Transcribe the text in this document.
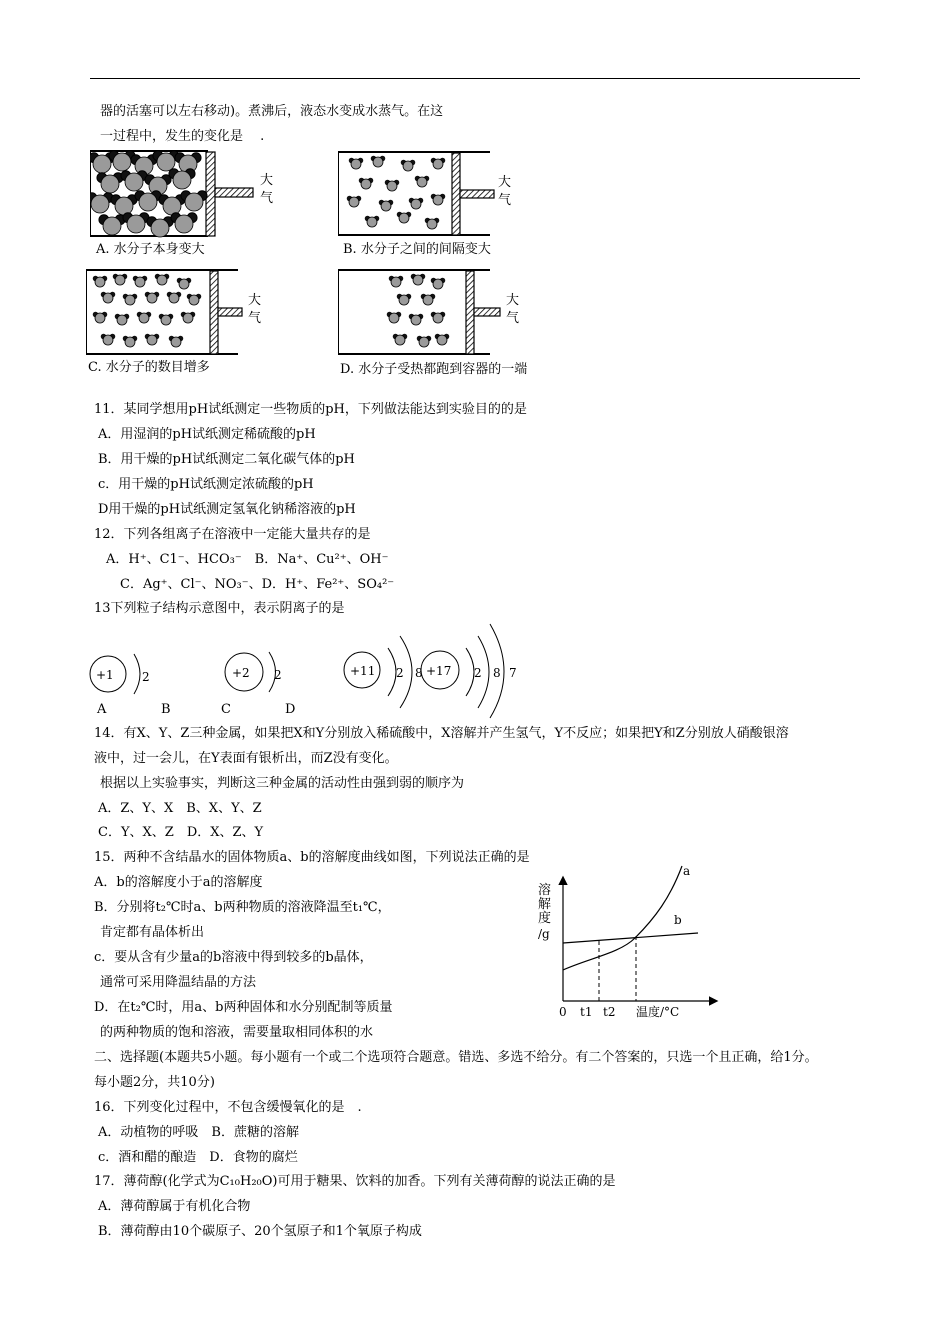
器的活塞可以左右移动)。煮沸后，液态水变成水蒸气。在这
一过程中，发生的变化是 　.
大
气
A. 水分子本身变大
大
气
B. 水分子之间的间隔变大
大
气
C. 水分子的数目增多
大
气
D. 水分子受热都跑到容器的一端
11．某同学想用pH试纸测定一些物质的pH，下列做法能达到实验目的的是
A．用湿润的pH试纸测定稀硫酸的pH
B．用干燥的pH试纸测定二氧化碳气体的pH
c．用干燥的pH试纸测定浓硫酸的pH
D用干燥的pH试纸测定氢氧化钠稀溶液的pH
12．下列各组离子在溶液中一定能大量共存的是
A．H⁺、C1⁻、HCO₃⁻　B．Na⁺、Cu²⁺、OH⁻
C．Ag⁺、Cl⁻、NO₃⁻、D．H⁺、Fe²⁺、SO₄²⁻
13下列粒子结构示意图中，表示阴离子的是
+1	+2	+11	+17
2	2	2 8	2 8 7
A	B	C	D
14．有X、Y、Z三种金属，如果把X和Y分别放入稀硫酸中，X溶解并产生氢气，Y不反应；如果把Y和Z分别放人硝酸银溶
液中，过一会儿，在Y表面有银析出，而Z没有变化。
根据以上实验事实，判断这三种金属的活动性由强到弱的顺序为
A．Z、Y、X　B、X、Y、Z
C．Y、X、Z　D．X、Z、Y
15．两种不含结晶水的固体物质a、b的溶解度曲线如图，下列说法正确的是
A．b的溶解度小于a的溶解度
B．分别将t₂℃时a、b两种物质的溶液降温至t₁℃，
肯定都有晶体析出
c．要从含有少量a的b溶液中得到较多的b晶体，
通常可采用降温结晶的方法
D．在t₂℃时，用a、b两种固体和水分别配制等质量
的两种物质的饱和溶液，需要量取相同体积的水
a
b
溶
解
度
/g
0 t1 t2 温度/°C
二、选择题(本题共5小题。每小题有一个或二个选项符合题意。错选、多选不给分。有二个答案的，只选一个且正确，给1分。
每小题2分，共10分)
16．下列变化过程中，不包含缓慢氧化的是　.
A．动植物的呼吸　B．蔗糖的溶解
c．酒和醋的酿造　D．食物的腐烂
17．薄荷醇(化学式为C₁₀H₂₀O)可用于糖果、饮料的加香。下列有关薄荷醇的说法正确的是
A．薄荷醇属于有机化合物
B．薄荷醇由10个碳原子、20个氢原子和1个氧原子构成
